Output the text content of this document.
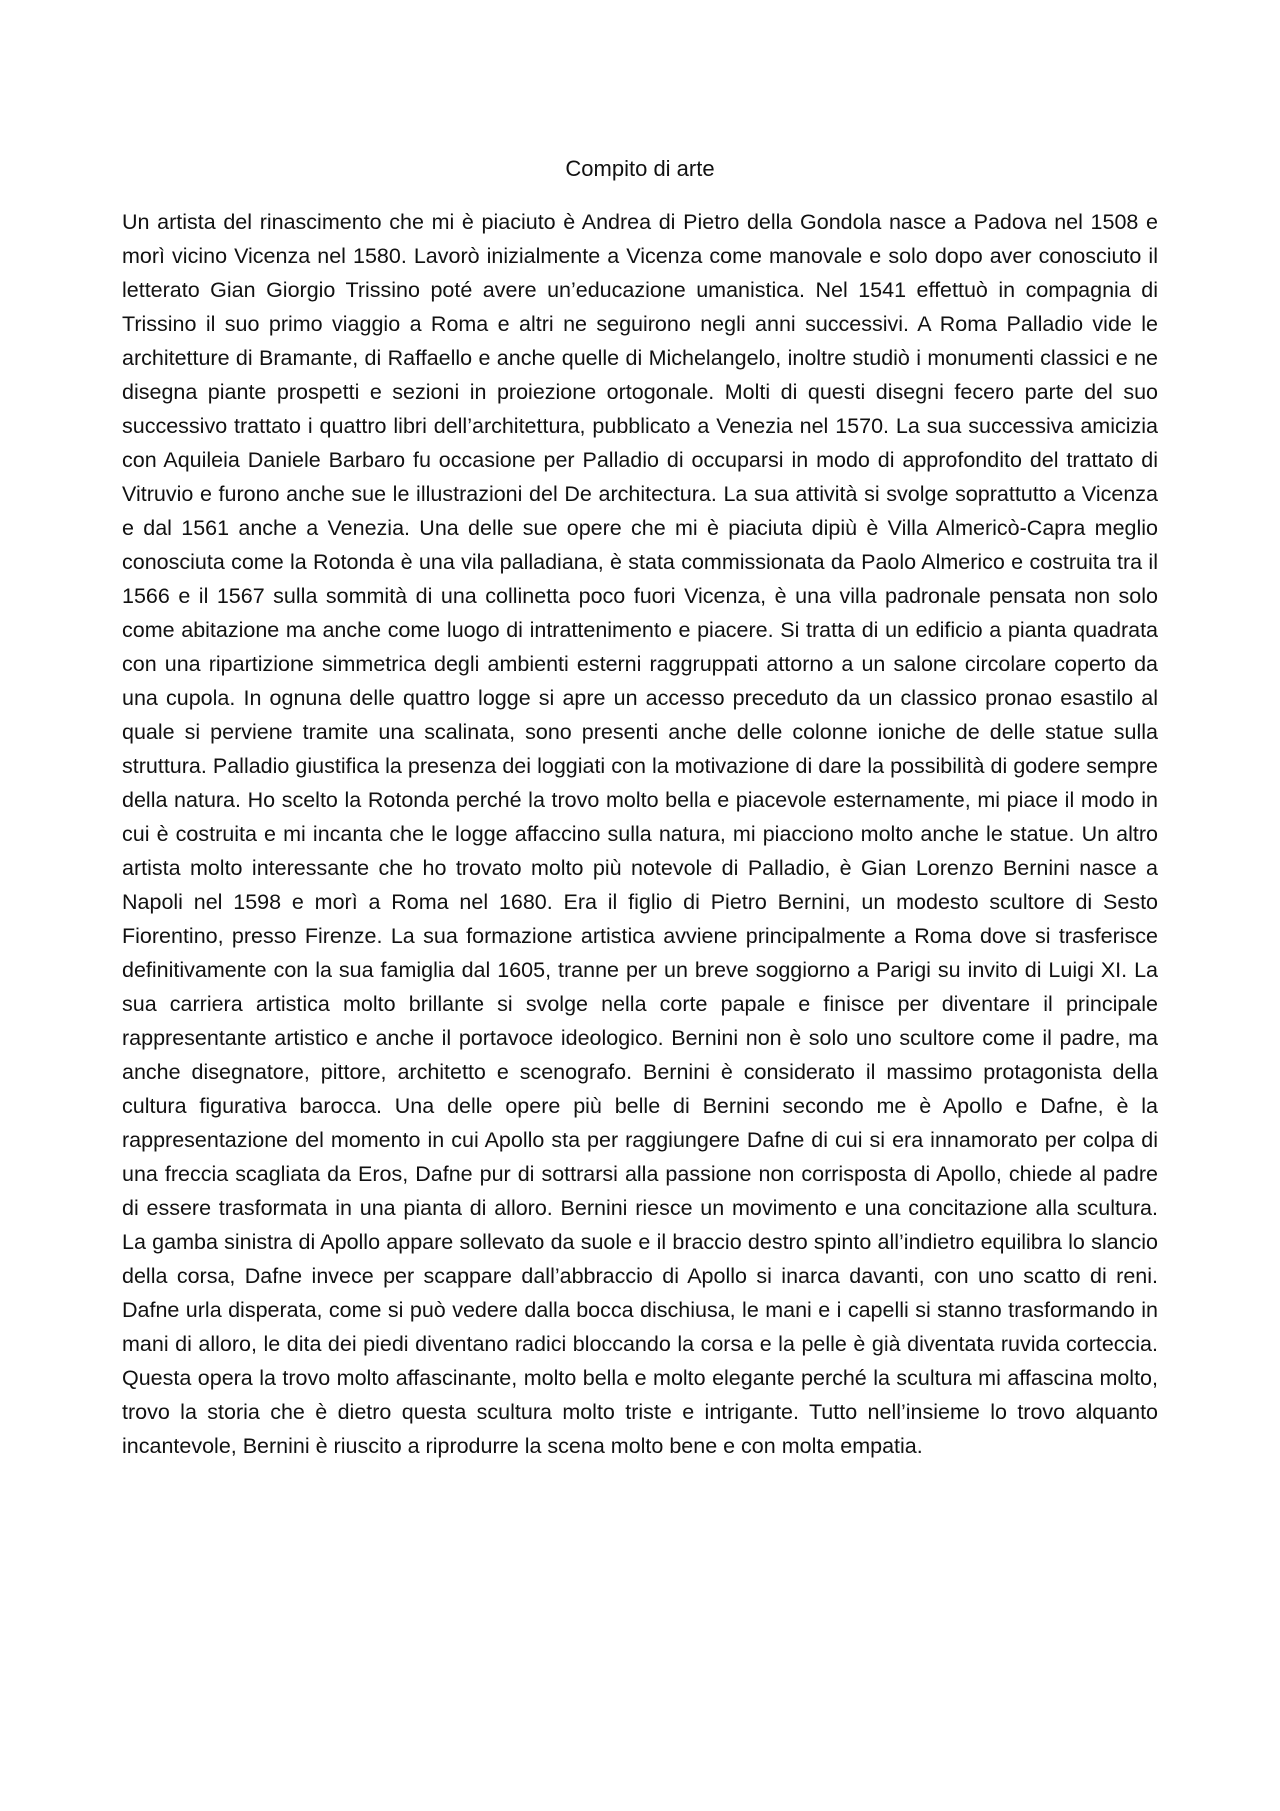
Compito di arte

Un artista del rinascimento che mi è piaciuto è Andrea di Pietro della Gondola nasce a Padova nel 1508 e morì vicino Vicenza nel 1580. Lavorò inizialmente a Vicenza come manovale e solo dopo aver conosciuto il letterato Gian Giorgio Trissino poté avere un’educazione umanistica. Nel 1541 effettuò in compagnia di Trissino il suo primo viaggio a Roma e altri ne seguirono negli anni successivi. A Roma Palladio vide le architetture di Bramante, di Raffaello e anche quelle di Michelangelo, inoltre studiò i monumenti classici e ne disegna piante prospetti e sezioni in proiezione ortogonale. Molti di questi disegni fecero parte del suo successivo trattato i quattro libri dell’architettura, pubblicato a Venezia nel 1570. La sua successiva amicizia con Aquileia Daniele Barbaro fu occasione per Palladio di occuparsi in modo di approfondito del trattato di Vitruvio e furono anche sue le illustrazioni del De architectura. La sua attività si svolge soprattutto a Vicenza e dal 1561 anche a Venezia. Una delle sue opere che mi è piaciuta dipiù è Villa Almericò-Capra meglio conosciuta come la Rotonda è una vila palladiana, è stata commissionata da Paolo Almerico e costruita tra il 1566 e il 1567 sulla sommità di una collinetta poco fuori Vicenza, è una villa padronale pensata non solo come abitazione ma anche come luogo di intrattenimento e piacere. Si tratta di un edificio a pianta quadrata con una ripartizione simmetrica degli ambienti esterni raggruppati attorno a un salone circolare coperto da una cupola. In ognuna delle quattro logge si apre un accesso preceduto da un classico pronao esastilo al quale si perviene tramite una scalinata, sono presenti anche delle colonne ioniche de delle statue sulla struttura. Palladio giustifica la presenza dei loggiati con la motivazione di dare la possibilità di godere sempre della natura. Ho scelto la Rotonda perché la trovo molto bella e piacevole esternamente, mi piace il modo in cui è costruita e mi incanta che le logge affaccino sulla natura, mi piacciono molto anche le statue. Un altro artista molto interessante che ho trovato molto più notevole di Palladio, è Gian Lorenzo Bernini nasce a Napoli nel 1598 e morì a Roma nel 1680. Era il figlio di Pietro Bernini, un modesto scultore di Sesto Fiorentino, presso Firenze. La sua formazione artistica avviene principalmente a Roma dove si trasferisce definitivamente con la sua famiglia dal 1605, tranne per un breve soggiorno a Parigi su invito di Luigi XI. La sua carriera artistica molto brillante si svolge nella corte papale e finisce per diventare il principale rappresentante artistico e anche il portavoce ideologico. Bernini non è solo uno scultore come il padre, ma anche disegnatore, pittore, architetto e scenografo. Bernini è considerato il massimo protagonista della cultura figurativa barocca. Una delle opere più belle di Bernini secondo me è Apollo e Dafne, è la rappresentazione del momento in cui Apollo sta per raggiungere Dafne di cui si era innamorato per colpa di una freccia scagliata da Eros, Dafne pur di sottrarsi alla passione non corrisposta di Apollo, chiede al padre di essere trasformata in una pianta di alloro. Bernini riesce un movimento e una concitazione alla scultura. La gamba sinistra di Apollo appare sollevato da suole e il braccio destro spinto all’indietro equilibra lo slancio della corsa, Dafne invece per scappare dall’abbraccio di Apollo si inarca davanti, con uno scatto di reni. Dafne urla disperata, come si può vedere dalla bocca dischiusa, le mani e i capelli si stanno trasformando in mani di alloro, le dita dei piedi diventano radici bloccando la corsa e la pelle è già diventata ruvida corteccia. Questa opera la trovo molto affascinante, molto bella e molto elegante perché la scultura mi affascina molto, trovo la storia che è dietro questa scultura molto triste e intrigante. Tutto nell’insieme lo trovo alquanto incantevole, Bernini è riuscito a riprodurre la scena molto bene e con molta empatia.
